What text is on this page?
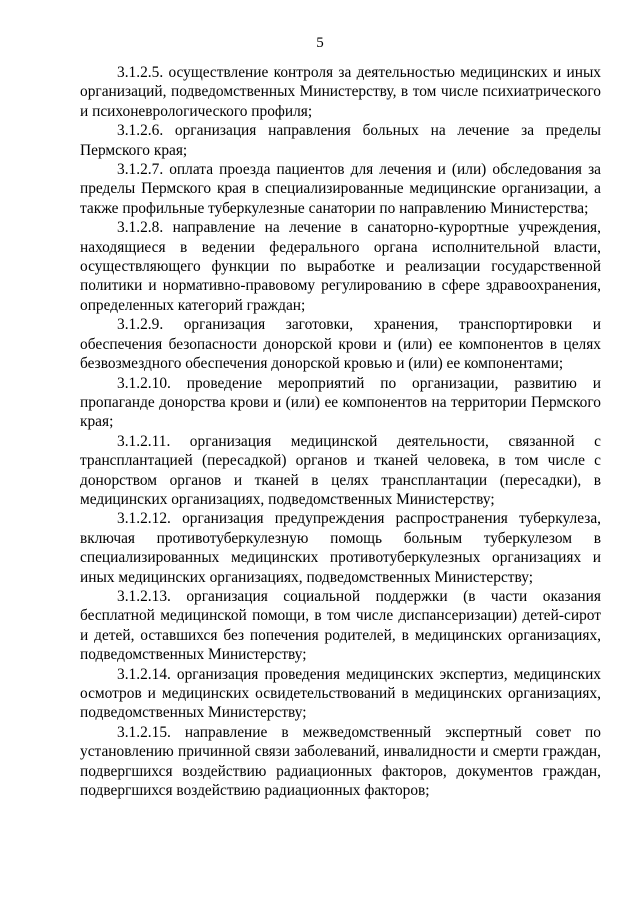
5

3.1.2.5. осуществление контроля за деятельностью медицинских и иных организаций, подведомственных Министерству, в том числе психиатрического и психоневрологического профиля;

3.1.2.6. организация направления больных на лечение за пределы Пермского края;

3.1.2.7. оплата проезда пациентов для лечения и (или) обследования за пределы Пермского края в специализированные медицинские организации, а также профильные туберкулезные санатории по направлению Министерства;

3.1.2.8. направление на лечение в санаторно-курортные учреждения, находящиеся в ведении федерального органа исполнительной власти, осуществляющего функции по выработке и реализации государственной политики и нормативно-правовому регулированию в сфере здравоохранения, определенных категорий граждан;

3.1.2.9. организация заготовки, хранения, транспортировки и обеспечения безопасности донорской крови и (или) ее компонентов в целях безвозмездного обеспечения донорской кровью и (или) ее компонентами;

3.1.2.10. проведение мероприятий по организации, развитию и пропаганде донорства крови и (или) ее компонентов на территории Пермского края;

3.1.2.11. организация медицинской деятельности, связанной с трансплантацией (пересадкой) органов и тканей человека, в том числе с донорством органов и тканей в целях трансплантации (пересадки), в медицинских организациях, подведомственных Министерству;

3.1.2.12. организация предупреждения распространения туберкулеза, включая противотуберкулезную помощь больным туберкулезом в специализированных медицинских противотуберкулезных организациях и иных медицинских организациях, подведомственных Министерству;

3.1.2.13. организация социальной поддержки (в части оказания бесплатной медицинской помощи, в том числе диспансеризации) детей-сирот и детей, оставшихся без попечения родителей, в медицинских организациях, подведомственных Министерству;

3.1.2.14. организация проведения медицинских экспертиз, медицинских осмотров и медицинских освидетельствований в медицинских организациях, подведомственных Министерству;

3.1.2.15. направление в межведомственный экспертный совет по установлению причинной связи заболеваний, инвалидности и смерти граждан, подвергшихся воздействию радиационных факторов, документов граждан, подвергшихся воздействию радиационных факторов;
